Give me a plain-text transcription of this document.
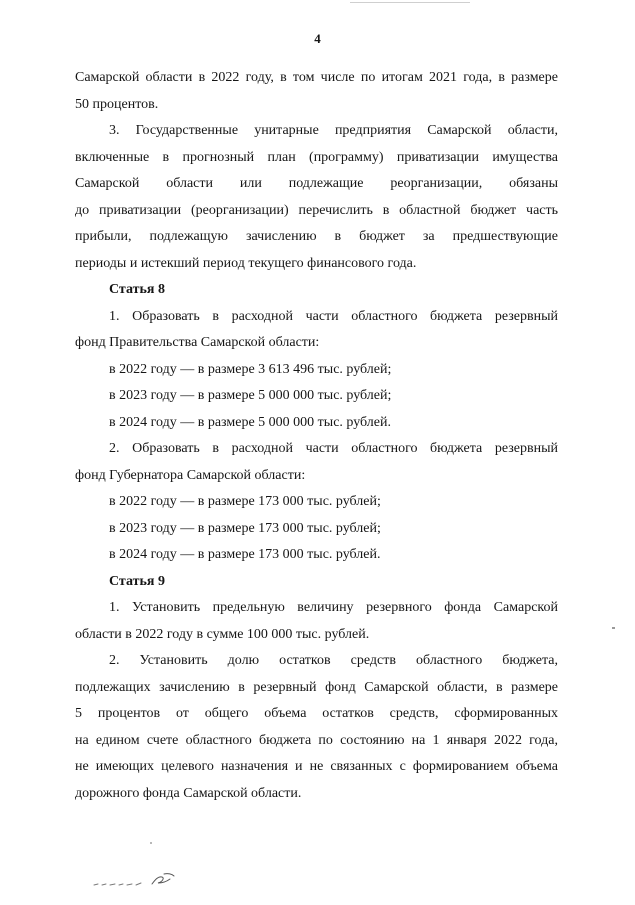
4
Самарской области в 2022 году, в том числе по итогам 2021 года, в размере
50 процентов.
3. Государственные унитарные предприятия Самарской области,
включенные в прогнозный план (программу) приватизации имущества
Самарской области или подлежащие реорганизации, обязаны
до приватизации (реорганизации) перечислить в областной бюджет часть
прибыли, подлежащую зачислению в бюджет за предшествующие
периоды и истекший период текущего финансового года.
Статья 8
1. Образовать в расходной части областного бюджета резервный
фонд Правительства Самарской области:
в 2022 году — в размере 3 613 496 тыс. рублей;
в 2023 году — в размере 5 000 000 тыс. рублей;
в 2024 году — в размере 5 000 000 тыс. рублей.
2. Образовать в расходной части областного бюджета резервный
фонд Губернатора Самарской области:
в 2022 году — в размере 173 000 тыс. рублей;
в 2023 году — в размере 173 000 тыс. рублей;
в 2024 году — в размере 173 000 тыс. рублей.
Статья 9
1. Установить предельную величину резервного фонда Самарской
области в 2022 году в сумме 100 000 тыс. рублей.
2. Установить долю остатков средств областного бюджета,
подлежащих зачислению в резервный фонд Самарской области, в размере
5 процентов от общего объема остатков средств, сформированных
на едином счете областного бюджета по состоянию на 1 января 2022 года,
не имеющих целевого назначения и не связанных с формированием объема
дорожного фонда Самарской области.
